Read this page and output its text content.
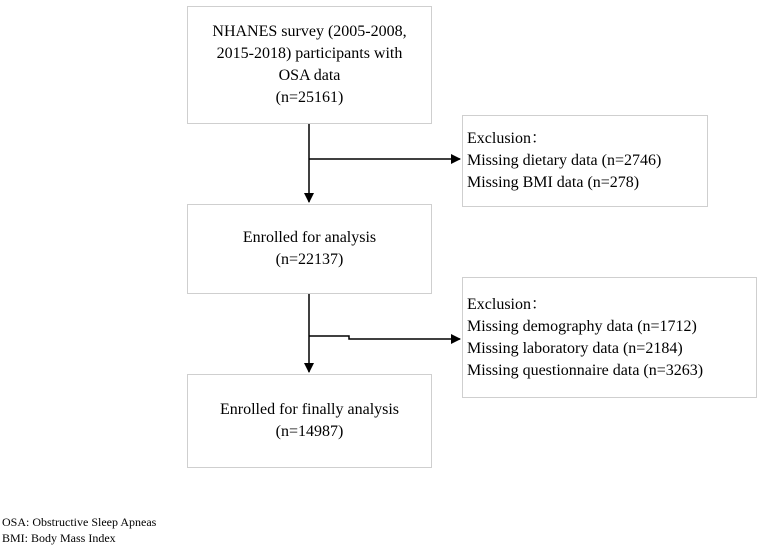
NHANES survey (2005-2008,
2015-2018) participants with
OSA data
(n=25161)
Exclusion：
Missing dietary data (n=2746)
Missing BMI data (n=278)
Enrolled for analysis
(n=22137)
Exclusion：
Missing demography data (n=1712)
Missing laboratory data (n=2184)
Missing questionnaire data (n=3263)
Enrolled for finally analysis
(n=14987)
OSA: Obstructive Sleep Apneas
BMI: Body Mass Index
